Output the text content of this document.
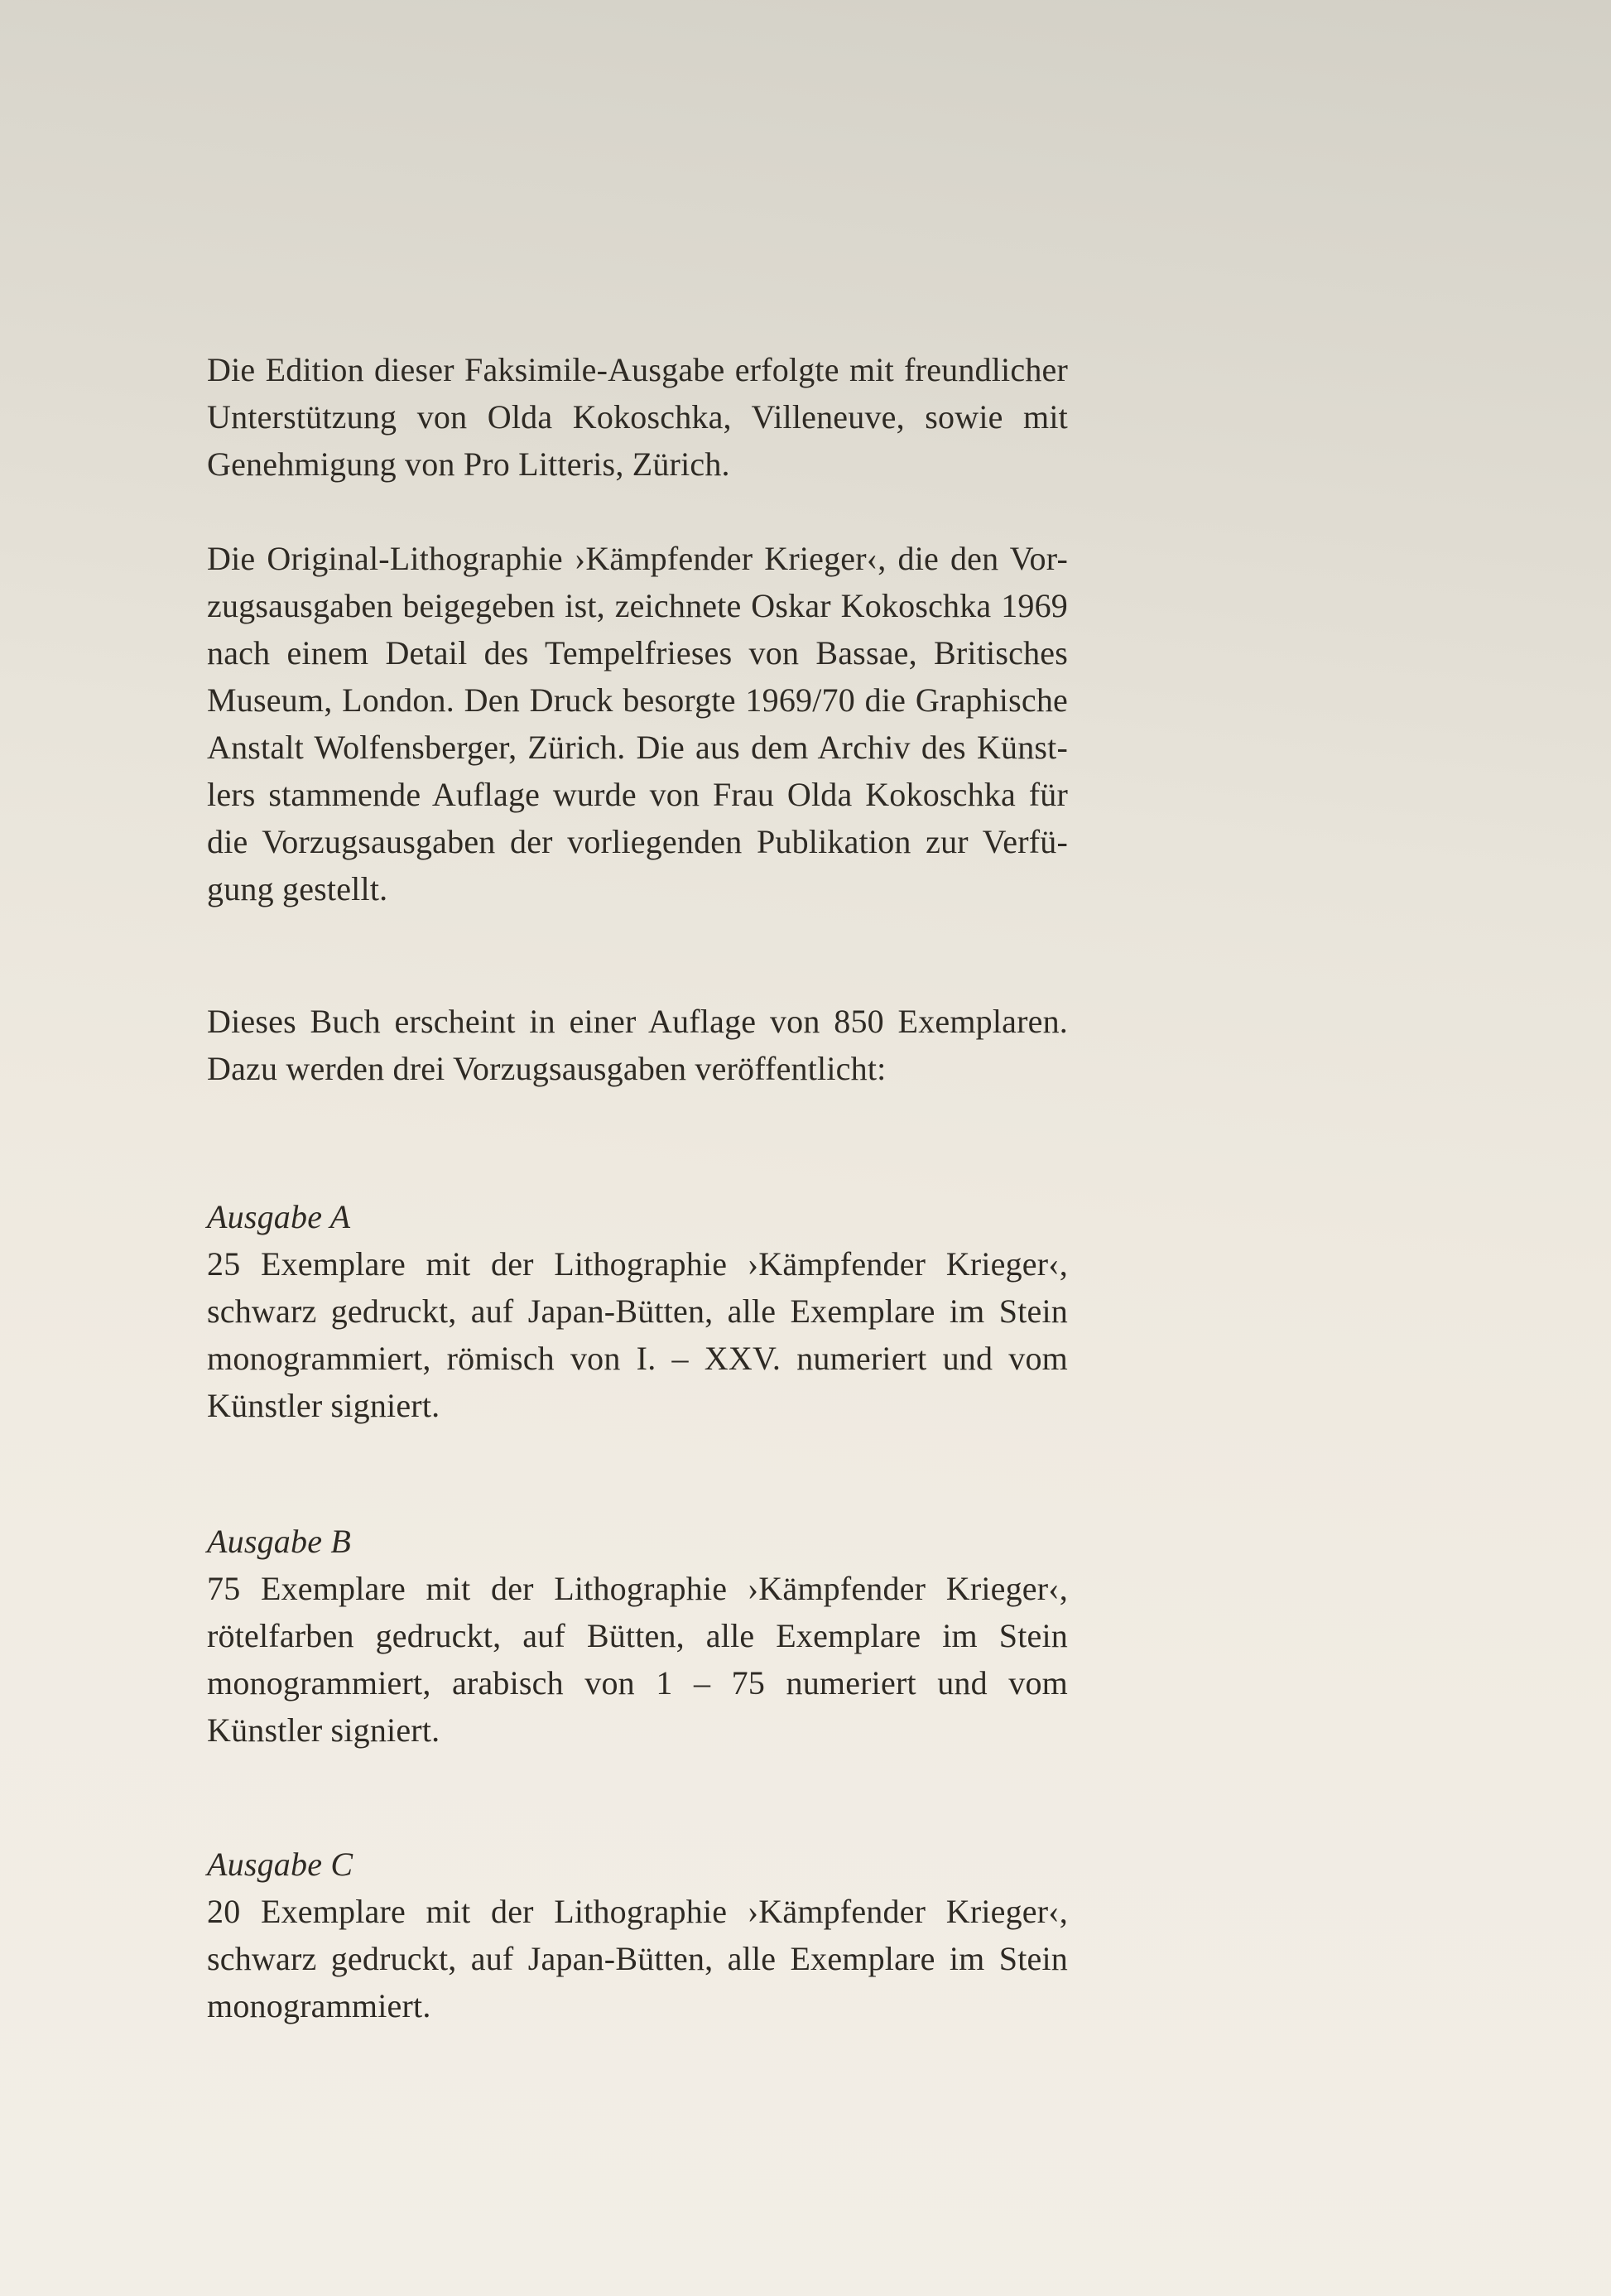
Die Edition dieser Faksimile-Ausgabe erfolgte mit freundlicher
Unterstützung von Olda Kokoschka, Villeneuve, sowie mit
Genehmigung von Pro Litteris, Zürich.
Die Original-Lithographie ›Kämpfender Krieger‹, die den Vor-
zugsausgaben beigegeben ist, zeichnete Oskar Kokoschka 1969
nach einem Detail des Tempelfrieses von Bassae, Britisches
Museum, London. Den Druck besorgte 1969/70 die Graphische
Anstalt Wolfensberger, Zürich. Die aus dem Archiv des Künst-
lers stammende Auflage wurde von Frau Olda Kokoschka für
die Vorzugsausgaben der vorliegenden Publikation zur Verfü-
gung gestellt.
Dieses Buch erscheint in einer Auflage von 850 Exemplaren.
Dazu werden drei Vorzugsausgaben veröffentlicht:
Ausgabe A
25 Exemplare mit der Lithographie ›Kämpfender Krieger‹,
schwarz gedruckt, auf Japan-Bütten, alle Exemplare im Stein
monogrammiert, römisch von I. – XXV. numeriert und vom
Künstler signiert.
Ausgabe B
75 Exemplare mit der Lithographie ›Kämpfender Krieger‹,
rötelfarben gedruckt, auf Bütten, alle Exemplare im Stein
monogrammiert, arabisch von 1 – 75 numeriert und vom
Künstler signiert.
Ausgabe C
20 Exemplare mit der Lithographie ›Kämpfender Krieger‹,
schwarz gedruckt, auf Japan-Bütten, alle Exemplare im Stein
monogrammiert.
